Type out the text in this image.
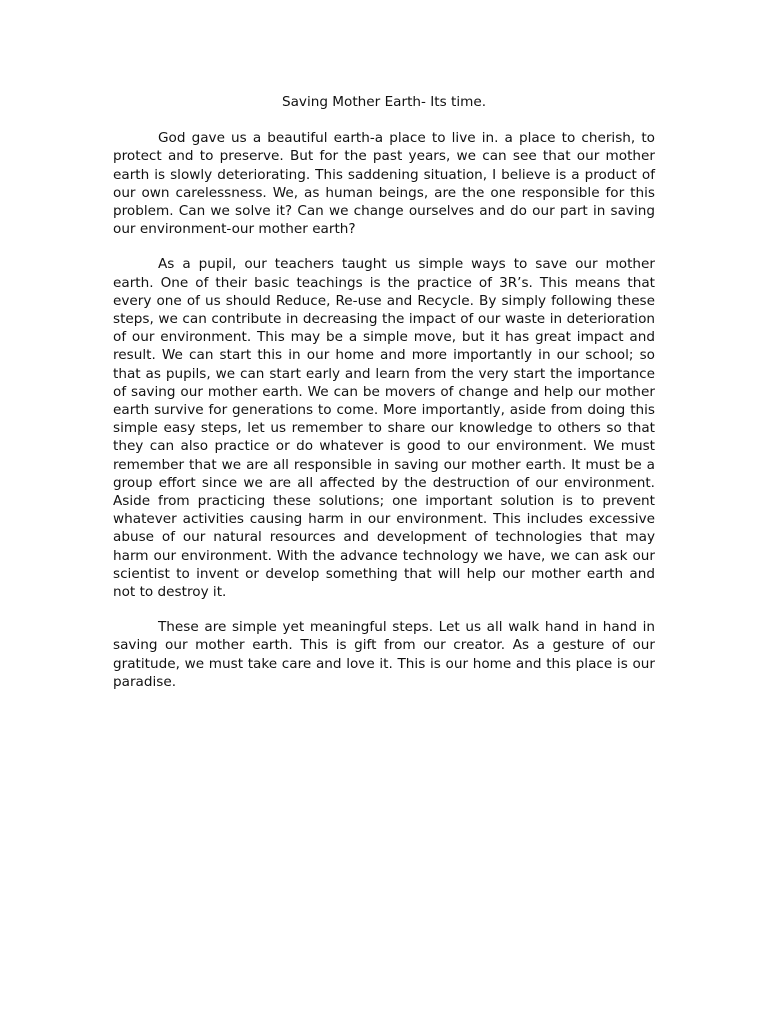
Saving Mother Earth- Its time.

God gave us a beautiful earth-a place to live in. a place to cherish, to protect and to preserve. But for the past years, we can see that our mother earth is slowly deteriorating. This saddening situation, I believe is a product of our own carelessness. We, as human beings, are the one responsible for this problem. Can we solve it? Can we change ourselves and do our part in saving our environment-our mother earth?

As a pupil, our teachers taught us simple ways to save our mother earth. One of their basic teachings is the practice of 3R’s. This means that every one of us should Reduce, Re-use and Recycle. By simply following these steps, we can contribute in decreasing the impact of our waste in deterioration of our environment. This may be a simple move, but it has great impact and result. We can start this in our home and more importantly in our school; so that as pupils, we can start early and learn from the very start the importance of saving our mother earth. We can be movers of change and help our mother earth survive for generations to come. More importantly, aside from doing this simple easy steps, let us remember to share our knowledge to others so that they can also practice or do whatever is good to our environment. We must remember that we are all responsible in saving our mother earth. It must be a group effort since we are all affected by the destruction of our environment. Aside from practicing these solutions; one important solution is to prevent whatever activities causing harm in our environment. This includes excessive abuse of our natural resources and development of technologies that may harm our environment. With the advance technology we have, we can ask our scientist to invent or develop something that will help our mother earth and not to destroy it.

These are simple yet meaningful steps. Let us all walk hand in hand in saving our mother earth. This is gift from our creator. As a gesture of our gratitude, we must take care and love it. This is our home and this place is our paradise.
